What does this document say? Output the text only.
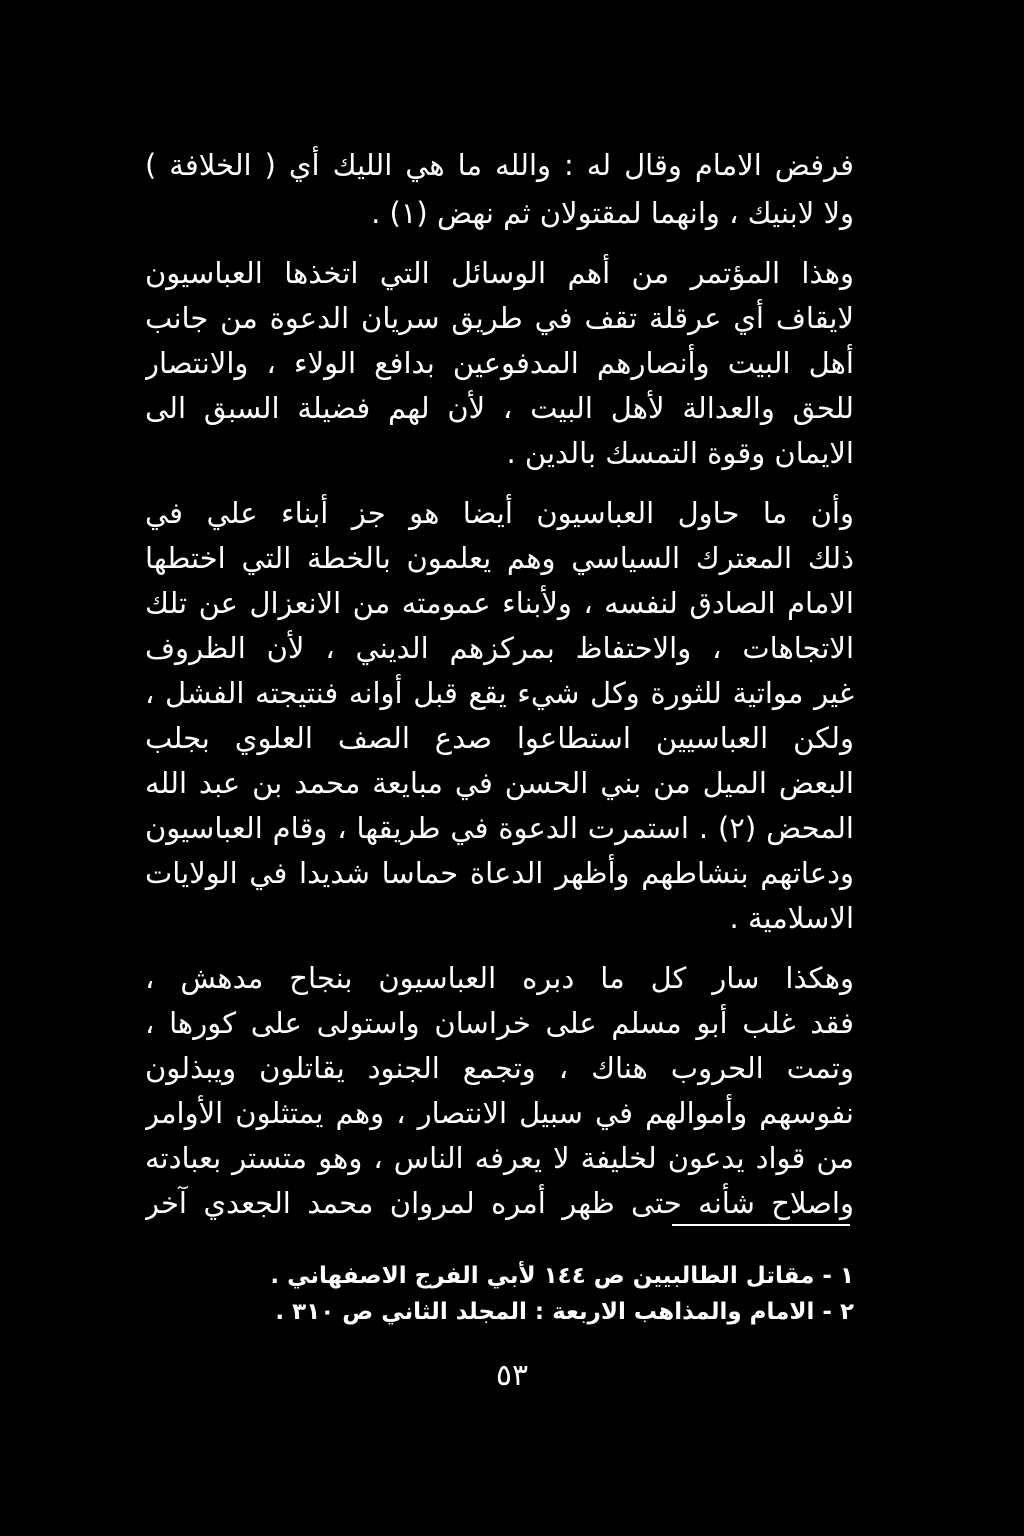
فرفض الامام وقال له : والله ما هي الليك أي ( الخلافة )
ولا لابنيك ، وانهما لمقتولان ثم نهض (١) .
وهذا المؤتمر من أهم الوسائل التي اتخذها العباسيون
لايقاف أي عرقلة تقف في طريق سريان الدعوة من جانب
أهل البيت وأنصارهم المدفوعين بدافع الولاء ، والانتصار
للحق والعدالة لأهل البيت ، لأن لهم فضيلة السبق الى
الايمان وقوة التمسك بالدين .
وأن ما حاول العباسيون أيضا هو جز أبناء علي في
ذلك المعترك السياسي وهم يعلمون بالخطة التي اختطها
الامام الصادق لنفسه ، ولأبناء عمومته من الانعزال عن تلك
الاتجاهات ، والاحتفاظ بمركزهم الديني ، لأن الظروف
غير مواتية للثورة وكل شيء يقع قبل أوانه فنتيجته الفشل ،
ولكن العباسيين استطاعوا صدع الصف العلوي بجلب
البعض الميل من بني الحسن في مبايعة محمد بن عبد الله
المحض (٢) . استمرت الدعوة في طريقها ، وقام العباسيون
ودعاتهم بنشاطهم وأظهر الدعاة حماسا شديدا في الولايات
الاسلامية .
وهكذا سار كل ما دبره العباسيون بنجاح مدهش ،
فقد غلب أبو مسلم على خراسان واستولى على كورها ،
وتمت الحروب هناك ، وتجمع الجنود يقاتلون ويبذلون
نفوسهم وأموالهم في سبيل الانتصار ، وهم يمتثلون الأوامر
من قواد يدعون لخليفة لا يعرفه الناس ، وهو متستر بعبادته
واصلاح شأنه حتى ظهر أمره لمروان محمد الجعدي آخر
١ - مقاتل الطالبيين ص ١٤٤ لأبي الفرج الاصفهاني .
٢ - الامام والمذاهب الاربعة : المجلد الثاني ص ٣١٠ .
٥٣
